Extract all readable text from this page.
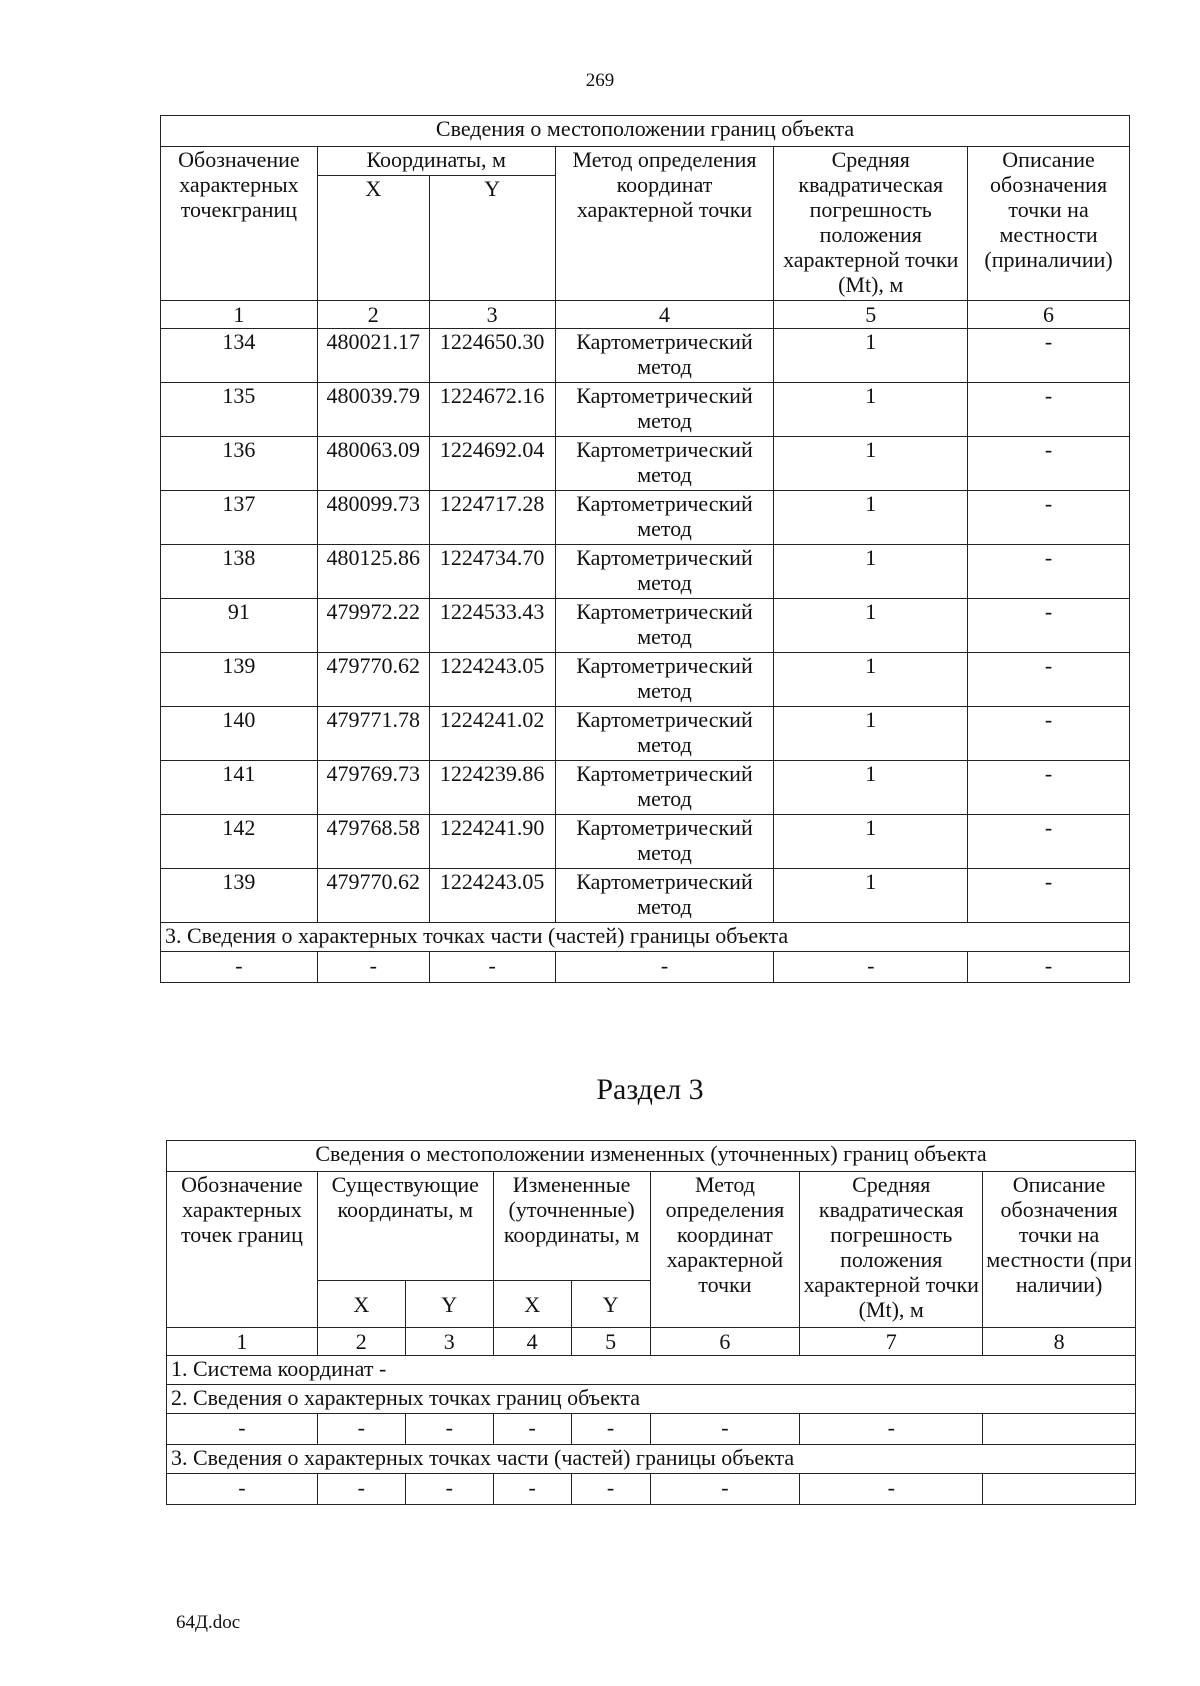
269
Сведения о местоположении границ объекта					
Обозначение характерных точекграниц	Координаты, м		Метод определения координат характерной точки	Средняя квадратическая погрешность положения характерной точки (Mt), м	Описание обозначения точки на местности (приналичии)
	X	Y			
1	2	3	4	5	6
134	480021.17	1224650.30	Картометрический метод	1	-
135	480039.79	1224672.16	Картометрический метод	1	-
136	480063.09	1224692.04	Картометрический метод	1	-
137	480099.73	1224717.28	Картометрический метод	1	-
138	480125.86	1224734.70	Картометрический метод	1	-
91	479972.22	1224533.43	Картометрический метод	1	-
139	479770.62	1224243.05	Картометрический метод	1	-
140	479771.78	1224241.02	Картометрический метод	1	-
141	479769.73	1224239.86	Картометрический метод	1	-
142	479768.58	1224241.90	Картометрический метод	1	-
139	479770.62	1224243.05	Картометрический метод	1	-
3. Сведения о характерных точках части (частей) границы объекта					
-	-	-	-	-	-
Раздел 3
Сведения о местоположении измененных (уточненных) границ объекта							
Обозначение характерных точек границ	Существующие координаты, м		Измененные (уточненные) координаты, м		Метод определения координат характерной точки	Средняя квадратическая погрешность положения характерной точки (Mt), м	Описание обозначения точки на местности (при наличии)
	X	Y	X	Y			
1	2	3	4	5	6	7	8
1. Система координат -							
2. Сведения о характерных точках границ объекта							
-	-	-	-	-	-	-	
3. Сведения о характерных точках части (частей) границы объекта							
-	-	-	-	-	-	-	
64Д.doc
